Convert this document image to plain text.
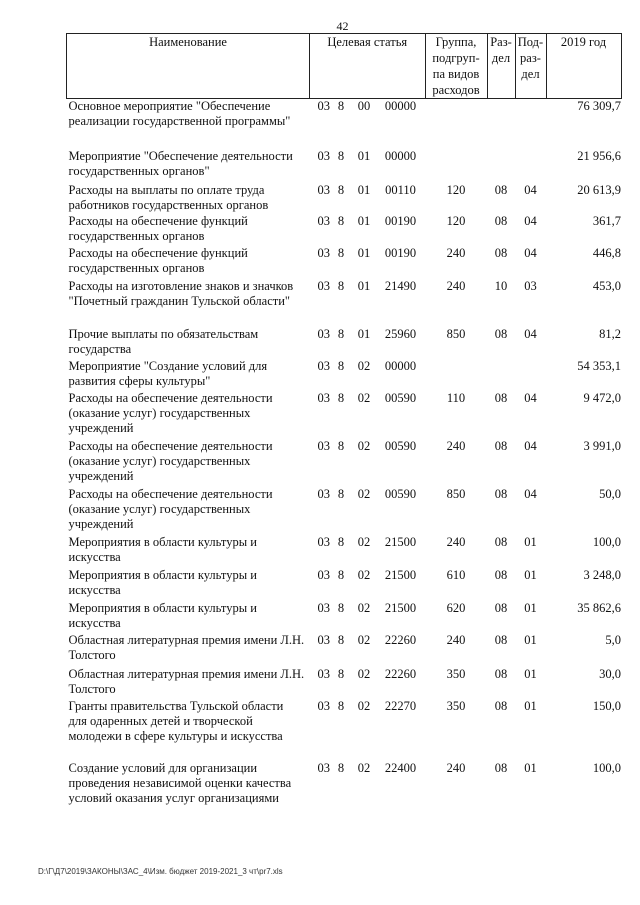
42
Наименование	Целевая статья				Группа,
подгруп-
па видов
расходов	Раз-
дел	Под-
раз-
дел	2019 год
Основное мероприятие "Обеспечение
реализации государственной программы"	03	8	00	00000				76 309,7
Мероприятие "Обеспечение деятельности
государственных органов"	03	8	01	00000				21 956,6
Расходы на выплаты по оплате труда
работников государственных органов	03	8	01	00110	120	08	04	20 613,9
Расходы на обеспечение функций
государственных органов	03	8	01	00190	120	08	04	361,7
Расходы на обеспечение функций
государственных органов	03	8	01	00190	240	08	04	446,8
Расходы на изготовление знаков и значков
"Почетный гражданин Тульской области"	03	8	01	21490	240	10	03	453,0
Прочие выплаты по обязательствам
государства	03	8	01	25960	850	08	04	81,2
Мероприятие "Создание условий для
развития сферы культуры"	03	8	02	00000				54 353,1
Расходы на обеспечение деятельности
(оказание услуг) государственных
учреждений	03	8	02	00590	110	08	04	9 472,0
Расходы на обеспечение деятельности
(оказание услуг) государственных
учреждений	03	8	02	00590	240	08	04	3 991,0
Расходы на обеспечение деятельности
(оказание услуг) государственных
учреждений	03	8	02	00590	850	08	04	50,0
Мероприятия в области культуры и
искусства	03	8	02	21500	240	08	01	100,0
Мероприятия в области культуры и
искусства	03	8	02	21500	610	08	01	3 248,0
Мероприятия в области культуры и
искусства	03	8	02	21500	620	08	01	35 862,6
Областная литературная премия имени Л.Н.
Толстого	03	8	02	22260	240	08	01	5,0
Областная литературная премия имени Л.Н.
Толстого	03	8	02	22260	350	08	01	30,0
Гранты правительства Тульской области
для одаренных детей и творческой
молодежи в сфере культуры и искусства	03	8	02	22270	350	08	01	150,0
Создание условий для организации
проведения независимой оценки качества
условий оказания услуг организациями	03	8	02	22400	240	08	01	100,0
D:\Г\Д7\2019\ЗАКОНЫ\ЗАС_4\Изм. бюджет 2019-2021_3 чт\pr7.xls
